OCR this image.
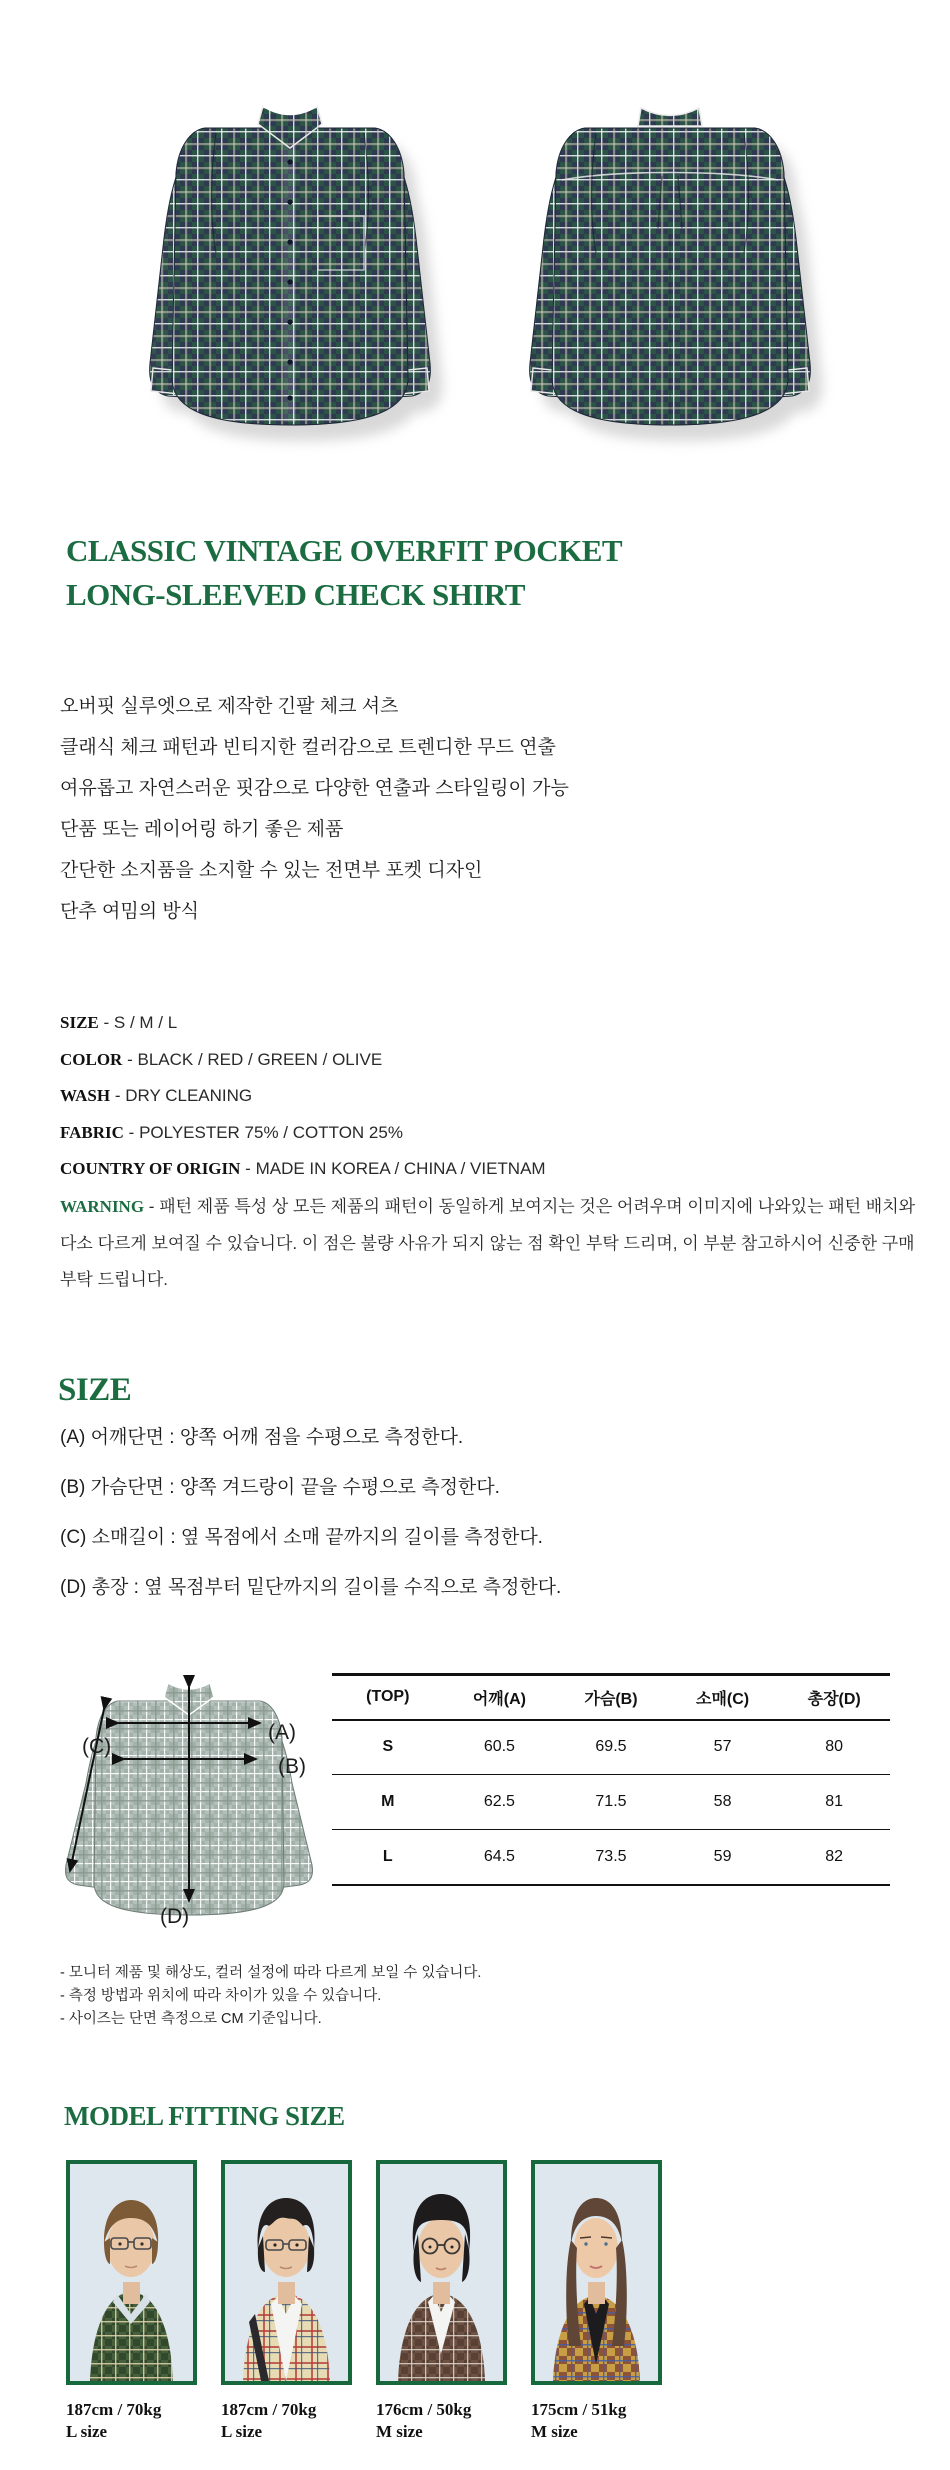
CLASSIC VINTAGE OVERFIT POCKET
LONG-SLEEVED CHECK SHIRT

오버핏 실루엣으로 제작한 긴팔 체크 셔츠

클래식 체크 패턴과 빈티지한 컬러감으로 트렌디한 무드 연출

여유롭고 자연스러운 핏감으로 다양한 연출과 스타일링이 가능

단품 또는 레이어링 하기 좋은 제품

간단한 소지품을 소지할 수 있는 전면부 포켓 디자인

단추 여밈의 방식

SIZE - S / M / L

COLOR - BLACK / RED / GREEN / OLIVE

WASH - DRY CLEANING

FABRIC - POLYESTER 75% / COTTON 25%

COUNTRY OF ORIGIN - MADE IN KOREA / CHINA / VIETNAM

WARNING - 패턴 제품 특성 상 모든 제품의 패턴이 동일하게 보여지는 것은 어려우며 이미지에 나와있는 패턴 배치와 다소 다르게 보여질 수 있습니다. 이 점은 불량 사유가 되지 않는 점 확인 부탁 드리며, 이 부분 참고하시어 신중한 구매 부탁 드립니다.

SIZE

(A) 어깨단면 : 양쪽 어깨 점을 수평으로 측정한다.

(B) 가슴단면 : 양쪽 겨드랑이 끝을 수평으로 측정한다.

(C) 소매길이 : 옆 목점에서 소매 끝까지의 길이를 측정한다.

(D) 총장 : 옆 목점부터 밑단까지의 길이를 수직으로 측정한다.

(A)
(B)
(C)
(D)
(TOP)	어깨(A)	가슴(B)	소매(C)	총장(D)
S	60.5	69.5	57	80
M	62.5	71.5	58	81
L	64.5	73.5	59	82

- 모니터 제품 및 해상도, 컬러 설정에 따라 다르게 보일 수 있습니다.

- 측정 방법과 위치에 따라 차이가 있을 수 있습니다.

- 사이즈는 단면 측정으로 CM 기준입니다.

MODEL FITTING SIZE

187cm / 70kg

L size

187cm / 70kg

L size

176cm / 50kg

M size

175cm / 51kg

M size
